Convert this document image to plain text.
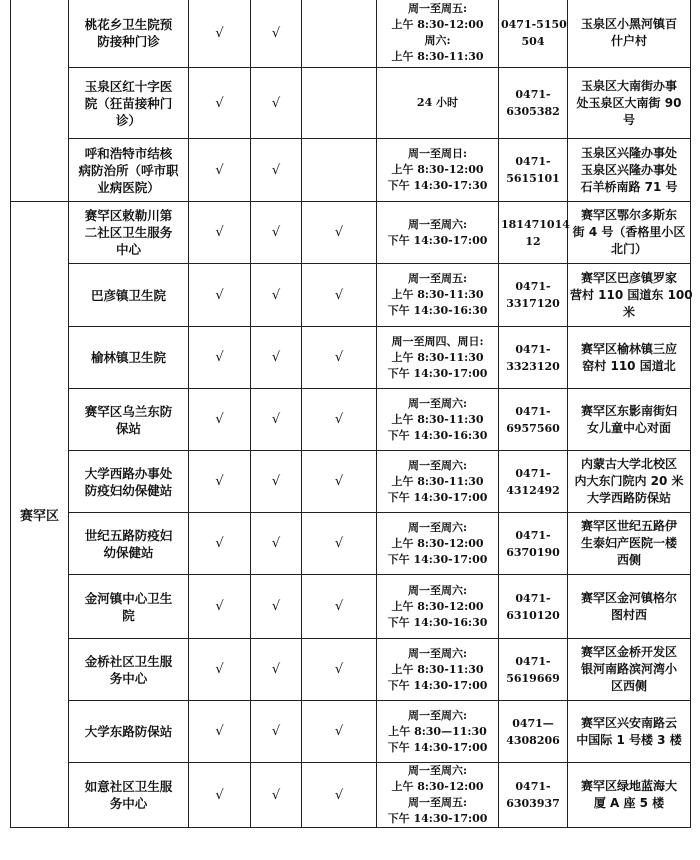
	桃花乡卫生院预
防接种门诊	√	√		周一至周五:
上午 8:30-12:00
周六:
上午 8:30-11:30	0471-5150
504	玉泉区小黑河镇百
什户村

	玉泉区红十字医
院（狂苗接种门
诊）	√	√		24 小时	0471-
6305382	玉泉区大南街办事
处玉泉区大南街 90
号

	呼和浩特市结核
病防治所（呼市职
业病医院）	√	√		周一至周日:
上午 8:30-12:00
下午 14:30-17:30	0471-
5615101	玉泉区兴隆办事处
玉泉区兴隆办事处
石羊桥南路 71 号

赛罕区	赛罕区敕勒川第
二社区卫生服务
中心	√	√	√	周一至周六:
下午 14:30-17:00	181471014
12	赛罕区鄂尔多斯东
街 4 号（香格里小区
北门）

	巴彦镇卫生院	√	√	√	周一至周五:
上午 8:30-11:30
下午 14:30-16:30	0471-
3317120	赛罕区巴彦镇罗家
营村 110 国道东 100
米

	榆林镇卫生院	√	√	√	周一至周四、周日:
上午 8:30-11:30
下午 14:30-17:00	0471-
3323120	赛罕区榆林镇三应
窑村 110 国道北

	赛罕区乌兰东防
保站	√	√	√	周一至周六:
上午 8:30-11:30
下午 14:30-16:30	0471-
6957560	赛罕区东影南街妇
女儿童中心对面

	大学西路办事处
防疫妇幼保健站	√	√	√	周一至周六:
上午 8:30-11:30
下午 14:30-17:00	0471-
4312492	内蒙古大学北校区
内大东门院内 20 米
大学西路防保站

	世纪五路防疫妇
幼保健站	√	√	√	周一至周六:
上午 8:30-12:00
下午 14:30-17:00	0471-
6370190	赛罕区世纪五路伊
生泰妇产医院一楼
西侧

	金河镇中心卫生
院	√	√	√	周一至周六:
上午 8:30-12:00
下午 14:30-16:30	0471-
6310120	赛罕区金河镇格尔
图村西

	金桥社区卫生服
务中心	√	√	√	周一至周六:
上午 8:30-11:30
下午 14:30-17:00	0471-
5619669	赛罕区金桥开发区
银河南路滨河湾小
区西侧

	大学东路防保站	√	√	√	周一至周六:
上午 8:30—11:30
下午 14:30-17:00	0471—
4308206	赛罕区兴安南路云
中国际 1 号楼 3 楼

	如意社区卫生服
务中心	√	√	√	周一至周六:
上午 8:30-12:00
周一至周五:
下午 14:30-17:00	0471-
6303937	赛罕区绿地蓝海大
厦 A 座 5 楼
